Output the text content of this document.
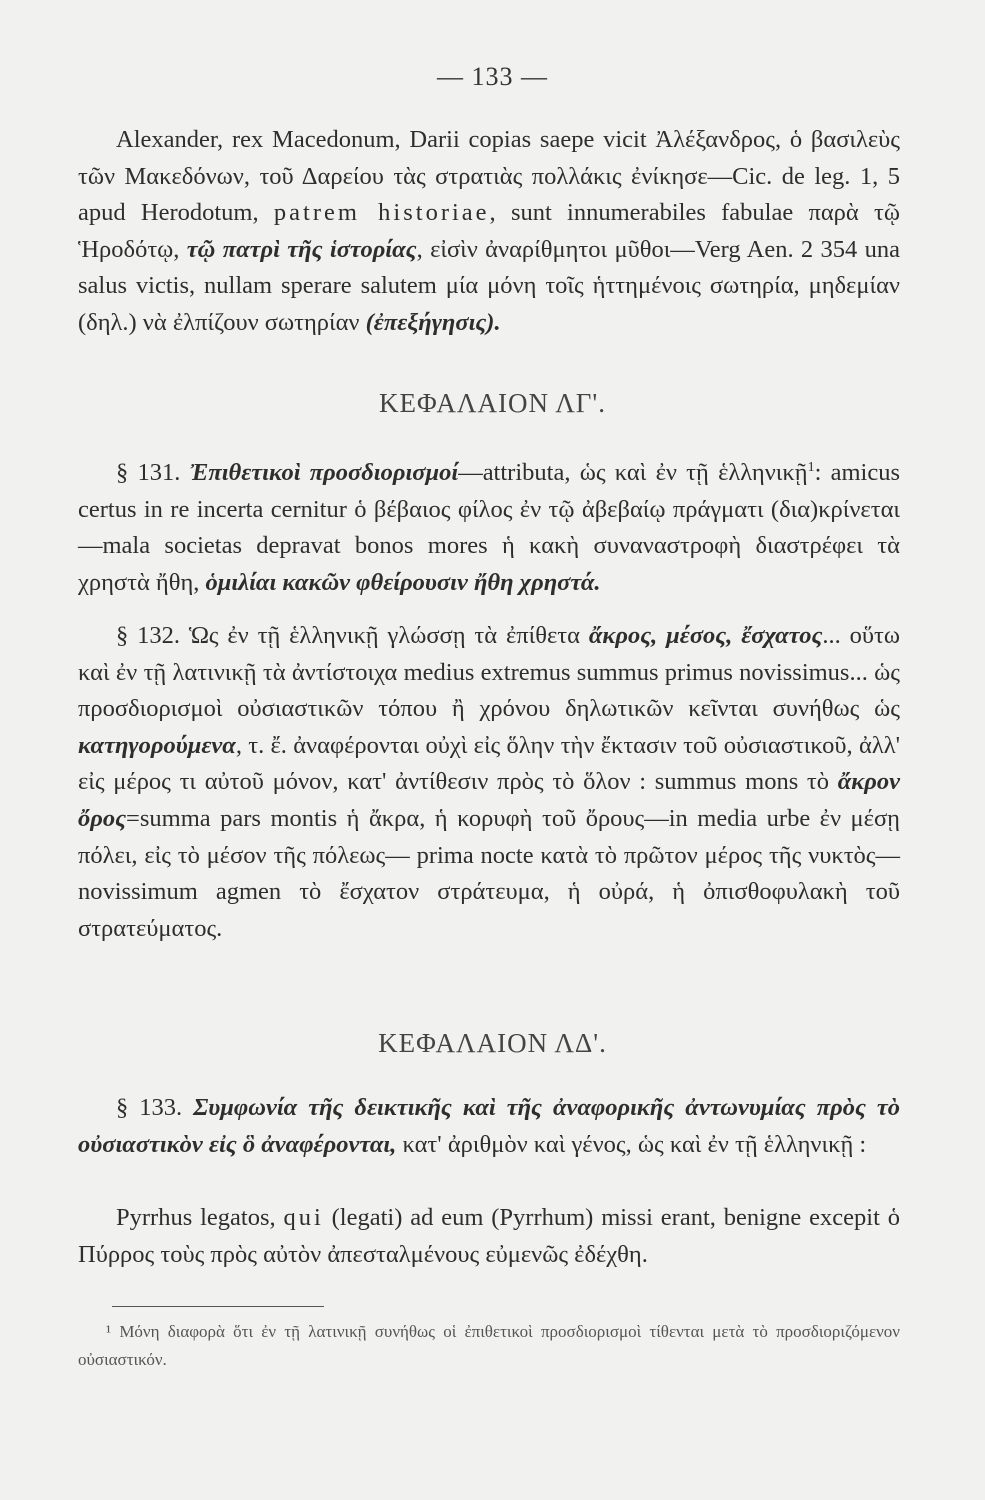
— 133 —
Alexander, rex Macedonum, Darii copias saepe vicit Ἀλέξανδρος, ὁ βασιλεὺς τῶν Μακεδόνων, τοῦ Δαρείου τὰς στρατιὰς πολλάκις ἐνίκησε—Cic. de leg. 1, 5 apud Herodotum, patrem historiae, sunt innumerabiles fabulae παρὰ τῷ Ἡροδότῳ, τῷ πατρὶ τῆς ἱστορίας, εἰσὶν ἀναρίθμητοι μῦθοι—Verg Aen. 2 354 una salus victis, nullam sperare salutem μία μόνη τοῖς ἡττημένοις σωτηρία, μηδεμίαν (δηλ.) νὰ ἐλπίζουν σωτηρίαν (ἐπεξήγησις).
ΚΕΦΑΛΑΙΟΝ ΛΓ'.
§ 131. Ἐπιθετικοὶ προσδιορισμοί—attributa, ὡς καὶ ἐν τῇ ἑλληνικῇ$^1$: amicus certus in re incerta cernitur ὁ βέβαιος φίλος ἐν τῷ ἀβεβαίῳ πράγματι (δια)κρίνεται—mala societas depravat bonos mores ἡ κακὴ συναναστροφὴ διαστρέφει τὰ χρηστὰ ἤθη, ὁμιλίαι κακῶν φθείρουσιν ἤθη χρηστά.
§ 132. Ὡς ἐν τῇ ἑλληνικῇ γλώσσῃ τὰ ἐπίθετα ἄκρος, μέσος, ἔσχατος... οὕτω καὶ ἐν τῇ λατινικῇ τὰ ἀντίστοιχα medius extremus summus primus novissimus... ὡς προσδιορισμοὶ οὐσιαστικῶν τόπου ἢ χρόνου δηλωτικῶν κεῖνται συνήθως ὡς κατηγορούμενα, τ. ἔ. ἀναφέρονται οὐχὶ εἰς ὅλην τὴν ἔκτασιν τοῦ οὐσιαστικοῦ, ἀλλ' εἰς μέρος τι αὐτοῦ μόνον, κατ' ἀντίθεσιν πρὸς τὸ ὅλον : summus mons τὸ ἄκρον ὄρος=summa pars montis ἡ ἄκρα, ἡ κορυφὴ τοῦ ὄρους—in media urbe ἐν μέσῃ πόλει, εἰς τὸ μέσον τῆς πόλεως— prima nocte κατὰ τὸ πρῶτον μέρος τῆς νυκτὸς—novissimum agmen τὸ ἔσχατον στράτευμα, ἡ οὐρά, ἡ ὀπισθοφυλακὴ τοῦ στρατεύματος.
ΚΕΦΑΛΑΙΟΝ ΛΔ'.
§ 133. Συμφωνία τῆς δεικτικῆς καὶ τῆς ἀναφορικῆς ἀντωνυμίας πρὸς τὸ οὐσιαστικὸν εἰς ὃ ἀναφέρονται, κατ' ἀριθμὸν καὶ γένος, ὡς καὶ ἐν τῇ ἑλληνικῇ :
Pyrrhus legatos, qui (legati) ad eum (Pyrrhum) missi erant, benigne excepit ὁ Πύρρος τοὺς πρὸς αὐτὸν ἀπεσταλμένους εὐμενῶς ἐδέχθη.
¹ Μόνη διαφορὰ ὅτι ἐν τῇ λατινικῇ συνήθως οἱ ἐπιθετικοὶ προσδιορισμοὶ τίθενται μετὰ τὸ προσδιοριζόμενον οὐσιαστικόν.
